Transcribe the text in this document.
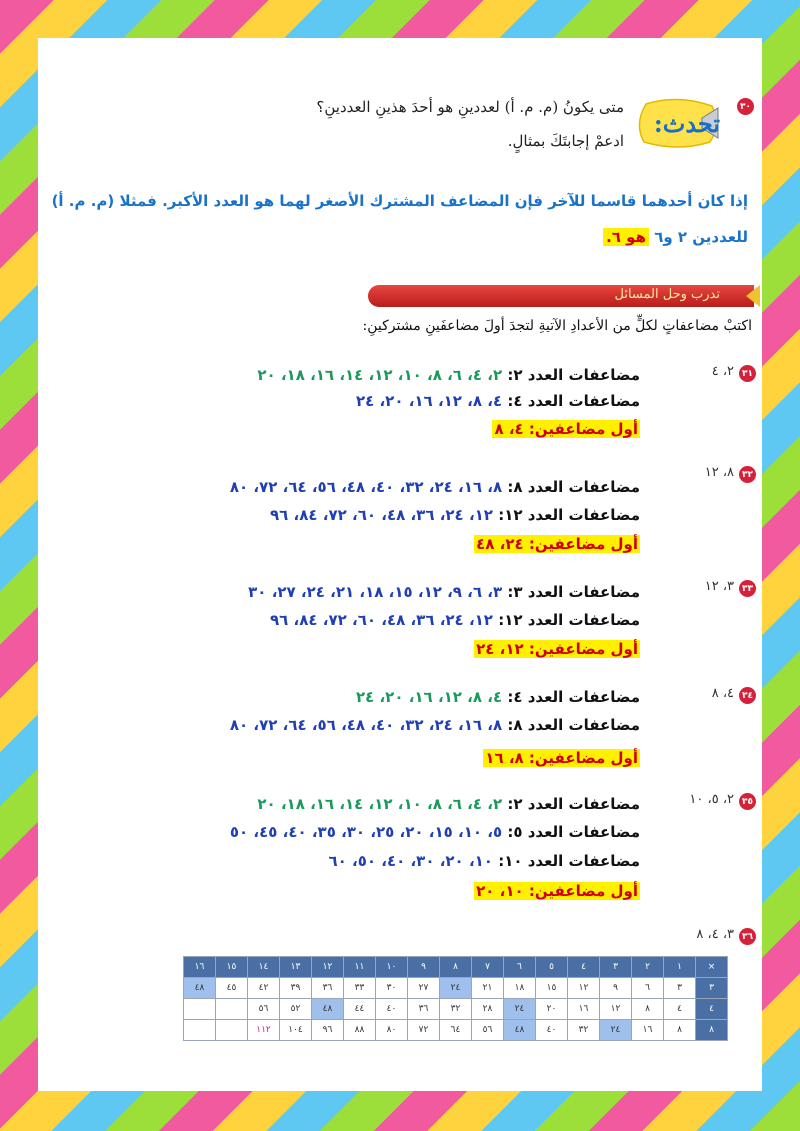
٣٠
تحدث:
متى يكونُ (م. م. أ) لعددينِ هو أحدَ هذينِ العددينِ؟
ادعمْ إجابتَكَ بمثالٍ.
إذا كان أحدهما قاسما للآخر فإن المضاعف المشترك الأصغر لهما هو العدد الأكبر. فمثلا (م. م. أ)
للعددين ٢ و٦ هو ٦.
تدرب وحل المسائل
اكتبْ مضاعفاتٍ لكلٍّ من الأعدادِ الآتيةِ لتجدَ أولَ مضاعفَينِ مشتركينِ:
٣١
٢، ٤
مضاعفات العدد ٢: ٢، ٤، ٦، ٨، ١٠، ١٢، ١٤، ١٦، ١٨، ٢٠
مضاعفات العدد ٤: ٤، ٨، ١٢، ١٦، ٢٠، ٢٤
أول مضاعفين: ٤، ٨
٣٢
٨، ١٢
مضاعفات العدد ٨: ٨، ١٦، ٢٤، ٣٢، ٤٠، ٤٨، ٥٦، ٦٤، ٧٢، ٨٠
مضاعفات العدد ١٢: ١٢، ٢٤، ٣٦، ٤٨، ٦٠، ٧٢، ٨٤، ٩٦
أول مضاعفين: ٢٤، ٤٨
٣٣
٣، ١٢
مضاعفات العدد ٣: ٣، ٦، ٩، ١٢، ١٥، ١٨، ٢١، ٢٤، ٢٧، ٣٠
مضاعفات العدد ١٢: ١٢، ٢٤، ٣٦، ٤٨، ٦٠، ٧٢، ٨٤، ٩٦
أول مضاعفين: ١٢، ٢٤
٣٤
٤، ٨
مضاعفات العدد ٤: ٤، ٨، ١٢، ١٦، ٢٠، ٢٤
مضاعفات العدد ٨: ٨، ١٦، ٢٤، ٣٢، ٤٠، ٤٨، ٥٦، ٦٤، ٧٢، ٨٠
أول مضاعفين: ٨، ١٦
٣٥
٢، ٥، ١٠
مضاعفات العدد ٢: ٢، ٤، ٦، ٨، ١٠، ١٢، ١٤، ١٦، ١٨، ٢٠
مضاعفات العدد ٥: ٥، ١٠، ١٥، ٢٠، ٢٥، ٣٠، ٣٥، ٤٠، ٤٥، ٥٠
مضاعفات العدد ١٠: ١٠، ٢٠، ٣٠، ٤٠، ٥٠، ٦٠
أول مضاعفين: ١٠، ٢٠
٣٦
٣، ٤، ٨
×	١	٢	٣	٤	٥	٦	٧	٨	٩	١٠	١١	١٢	١٣	١٤	١٥	١٦
٣	٣	٦	٩	١٢	١٥	١٨	٢١	٢٤	٢٧	٣٠	٣٣	٣٦	٣٩	٤٢	٤٥	٤٨
٤	٤	٨	١٢	١٦	٢٠	٢٤	٢٨	٣٢	٣٦	٤٠	٤٤	٤٨	٥٢	٥٦		
٨	٨	١٦	٢٤	٣٢	٤٠	٤٨	٥٦	٦٤	٧٢	٨٠	٨٨	٩٦	١٠٤	١١٢		
